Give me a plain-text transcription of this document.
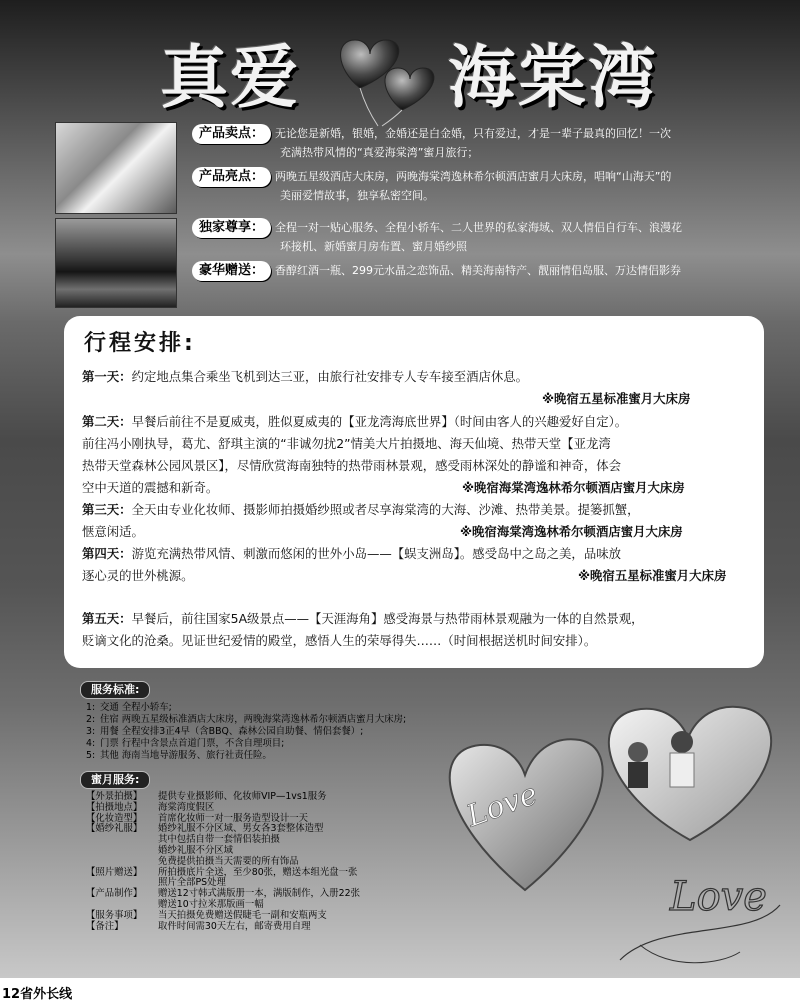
真爱 海棠湾
产品卖点： 无论您是新婚，银婚，金婚还是白金婚，只有爱过，才是一辈子最真的回忆！一次
充满热带风情的“真爱海棠湾”蜜月旅行；
产品亮点： 两晚五星级酒店大床房，两晚海棠湾逸林希尔顿酒店蜜月大床房，唱响“山海天”的
美丽爱情故事，独享私密空间。
独家尊享： 全程一对一贴心服务、全程小轿车、二人世界的私家海域、双人情侣自行车、浪漫花
环接机、新婚蜜月房布置、蜜月婚纱照
豪华赠送： 香醇红酒一瓶、299元水晶之恋饰品、精美海南特产、靓丽情侣岛服、万达情侣影券
行程安排:
第一天：约定地点集合乘坐飞机到达三亚，由旅行社安排专人专车接至酒店休息。
※晚宿五星标准蜜月大床房
第二天：早餐后前往不是夏威夷，胜似夏威夷的【亚龙湾海底世界】（时间由客人的兴趣爱好自定）。
前往冯小刚执导，葛尤、舒琪主演的“非诚勿扰2”情美大片拍摄地、海天仙境、热带天堂【亚龙湾
热带天堂森林公园风景区】，尽情欣赏海南独特的热带雨林景观，感受雨林深处的静谧和神奇，体会
空中天道的震撼和新奇。	※晚宿海棠湾逸林希尔顿酒店蜜月大床房
第三天：全天由专业化妆师、摄影师拍摄婚纱照或者尽享海棠湾的大海、沙滩、热带美景。提篓抓蟹，
惬意闲适。	※晚宿海棠湾逸林希尔顿酒店蜜月大床房
第四天：游览充满热带风情、刺激而悠闲的世外小岛——【蜈支洲岛】。感受岛中之岛之美，品味放
逐心灵的世外桃源。	※晚宿五星标准蜜月大床房
第五天：早餐后，前往国家5A级景点——【天涯海角】感受海景与热带雨林景观融为一体的自然景观，
贬谪文化的沧桑。见证世纪爱情的殿堂，感悟人生的荣辱得失……（时间根据送机时间安排）。
服务标准:
1: 交通 全程小轿车;
2: 住宿 两晚五星级标准酒店大床房，两晚海棠湾逸林希尔顿酒店蜜月大床房;
3: 用餐 全程安排3正4早（含BBQ、森林公园自助餐、情侣套餐）;
4: 门票 行程中含景点首道门票，不含自理项目;
5: 其他 海南当地导游服务、旅行社责任险。
蜜月服务:
【外景拍摄】 提供专业摄影师、化妆师VIP—1vs1服务
【拍摄地点】 海棠湾度假区
【化妆造型】 首席化妆师一对一服务造型设计一天
【婚纱礼服】 婚纱礼服不分区域、男女各3套整体造型
其中包括自带一套情侣装拍摄
婚纱礼服不分区域
免费提供拍摄当天需要的所有饰品
【照片赠送】 所拍摄底片全送，至少80张，赠送本组光盘一张
照片全部PS处理
【产品制作】 赠送12寸韩式满版册一本，满版制作，入册22张
赠送10寸拉米那版画一幅
【服务事项】 当天拍摄免费赠送假睫毛一副和安瓶两支
【备注】	取件时间需30天左右，邮寄费用自理
Love
Love
12省外长线
